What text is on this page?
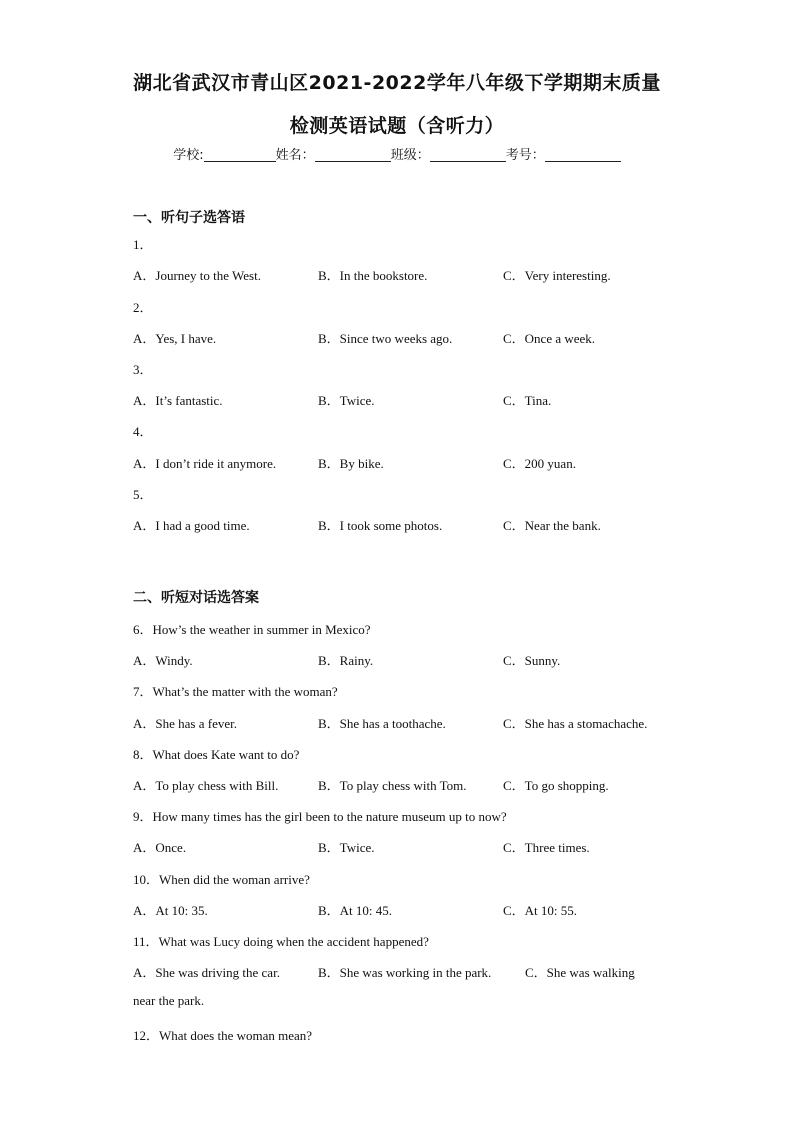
湖北省武汉市青山区2021-2022学年八年级下学期期末质量
检测英语试题（含听力）
学校:	姓名：	班级：	考号：
一、听句子选答语
1．
A．Journey to the West.	B．In the bookstore.	C．Very interesting.
2．
A．Yes, I have.	B．Since two weeks ago.	C．Once a week.
3．
A．It’s fantastic.	B．Twice.	C．Tina.
4．
A．I don’t ride it anymore.	B．By bike.	C．200 yuan.
5．
A．I had a good time.	B．I took some photos.	C．Near the bank.
二、听短对话选答案
6．How’s the weather in summer in Mexico?
A．Windy.	B．Rainy.	C．Sunny.
7．What’s the matter with the woman?
A．She has a fever.	B．She has a toothache.	C．She has a stomachache.
8．What does Kate want to do?
A．To play chess with Bill.	B．To play chess with Tom.	C．To go shopping.
9．How many times has the girl been to the nature museum up to now?
A．Once.	B．Twice.	C．Three times.
10．When did the woman arrive?
A．At 10: 35.	B．At 10: 45.	C．At 10: 55.
11．What was Lucy doing when the accident happened?
A．She was driving the car.	B．She was working in the park.	C．She was walking
near the park.
12．What does the woman mean?
